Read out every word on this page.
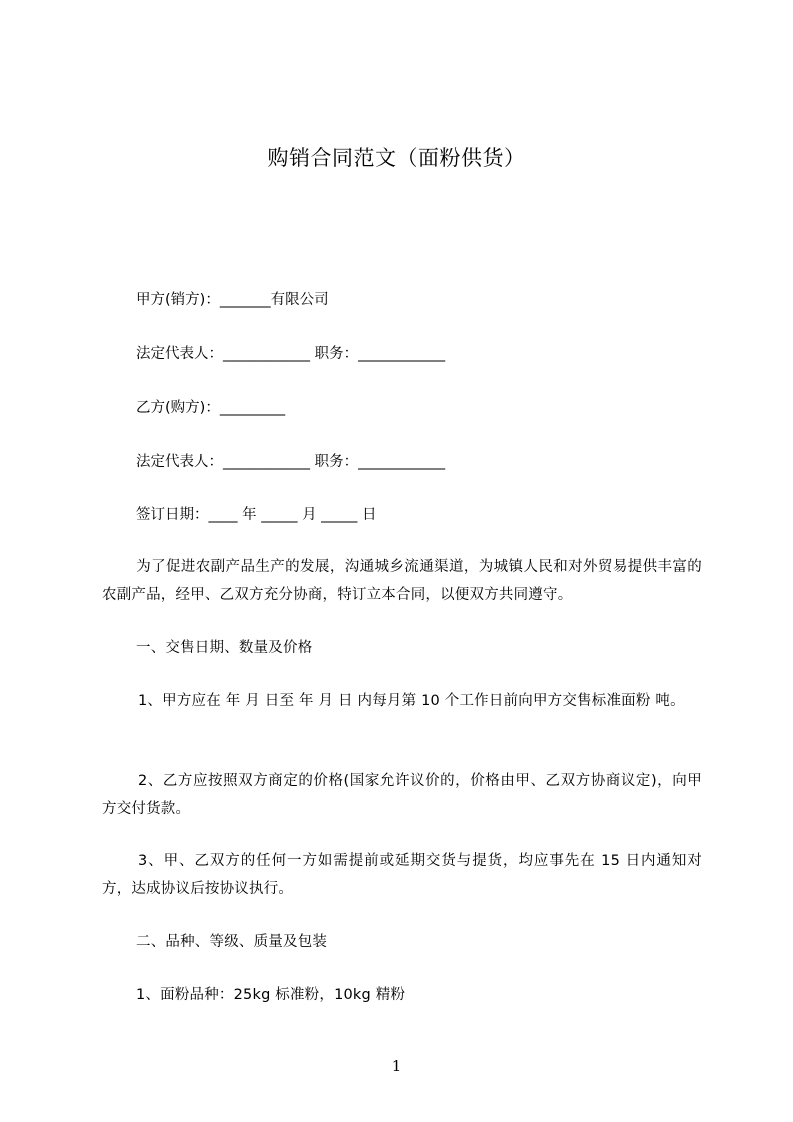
购销合同范文（面粉供货）
甲方(销方)：_______有限公司
法定代表人：____________ 职务：____________
乙方(购方)：_________
法定代表人：____________ 职务：____________
签订日期：____ 年 _____ 月 _____ 日
为了促进农副产品生产的发展，沟通城乡流通渠道，为城镇人民和对外贸易提供丰富的农副产品，经甲、乙双方充分协商，特订立本合同，以便双方共同遵守。
一、交售日期、数量及价格
1、甲方应在 年 月 日至 年 月 日 内每月第 10 个工作日前向甲方交售标准面粉 吨。
2、乙方应按照双方商定的价格(国家允许议价的，价格由甲、乙双方协商议定)，向甲方交付货款。
3、甲、乙双方的任何一方如需提前或延期交货与提货，均应事先在 15 日内通知对方，达成协议后按协议执行。
二、品种、等级、质量及包装
1、面粉品种：25kg 标准粉，10kg 精粉
1
